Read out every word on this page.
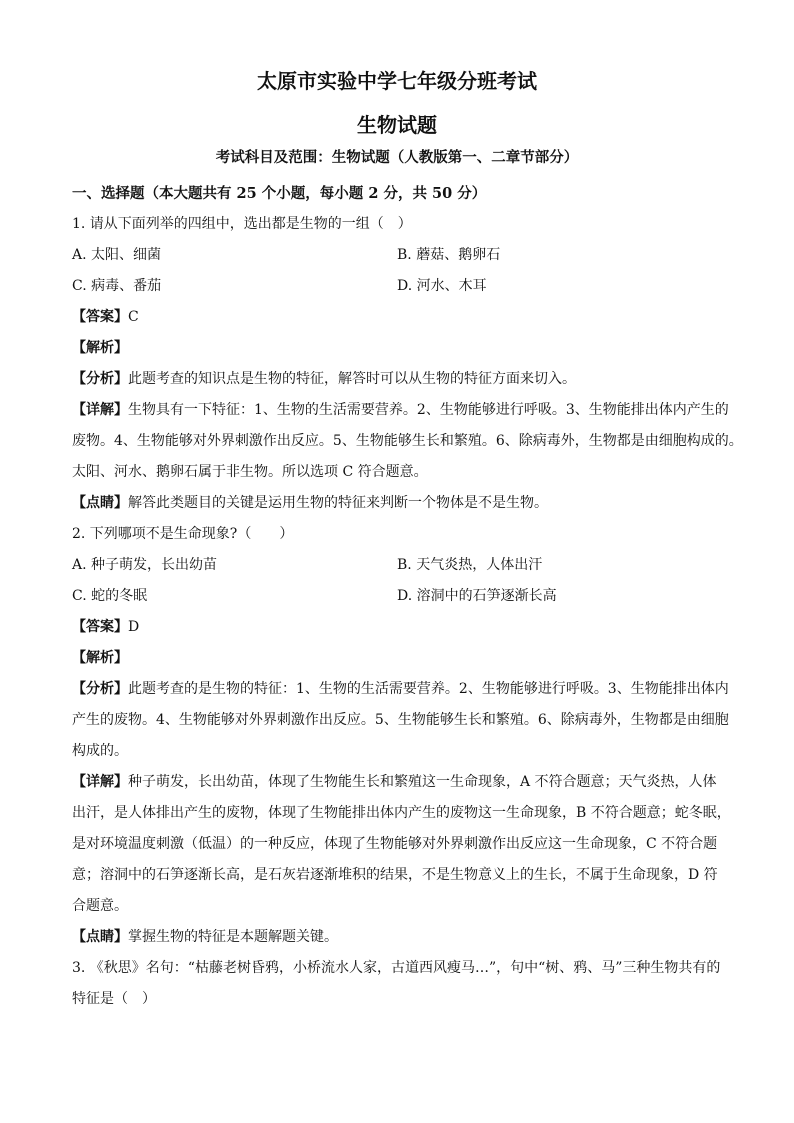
太原市实验中学七年级分班考试
生物试题
考试科目及范围：生物试题（人教版第一、二章节部分）
一、选择题（本大题共有 25 个小题，每小题 2 分，共 50 分）
1. 请从下面列举的四组中，选出都是生物的一组（　）
A. 太阳、细菌	B. 蘑菇、鹅卵石
C. 病毒、番茄	D. 河水、木耳
【答案】C
【解析】
【分析】此题考查的知识点是生物的特征，解答时可以从生物的特征方面来切入。
【详解】生物具有一下特征：1、生物的生活需要营养。2、生物能够进行呼吸。3、生物能排出体内产生的
废物。4、生物能够对外界刺激作出反应。5、生物能够生长和繁殖。6、除病毒外，生物都是由细胞构成的。
太阳、河水、鹅卵石属于非生物。所以选项 C 符合题意。
【点睛】解答此类题目的关键是运用生物的特征来判断一个物体是不是生物。
2. 下列哪项不是生命现象?（　　）
A. 种子萌发，长出幼苗	B. 天气炎热，人体出汗
C. 蛇的冬眠	D. 溶洞中的石笋逐渐长高
【答案】D
【解析】
【分析】此题考查的是生物的特征：1、生物的生活需要营养。2、生物能够进行呼吸。3、生物能排出体内
产生的废物。4、生物能够对外界刺激作出反应。5、生物能够生长和繁殖。6、除病毒外，生物都是由细胞
构成的。
【详解】种子萌发，长出幼苗，体现了生物能生长和繁殖这一生命现象，A 不符合题意；天气炎热，人体
出汗，是人体排出产生的废物，体现了生物能排出体内产生的废物这一生命现象，B 不符合题意；蛇冬眠，
是对环境温度刺激（低温）的一种反应，体现了生物能够对外界刺激作出反应这一生命现象，C 不符合题
意；溶洞中的石笋逐渐长高，是石灰岩逐渐堆积的结果，不是生物意义上的生长，不属于生命现象，D 符
合题意。
【点睛】掌握生物的特征是本题解题关键。
3. 《秋思》名句：“枯藤老树昏鸦，小桥流水人家，古道西风瘦马…”，句中“树、鸦、马”三种生物共有的
特征是（　）
